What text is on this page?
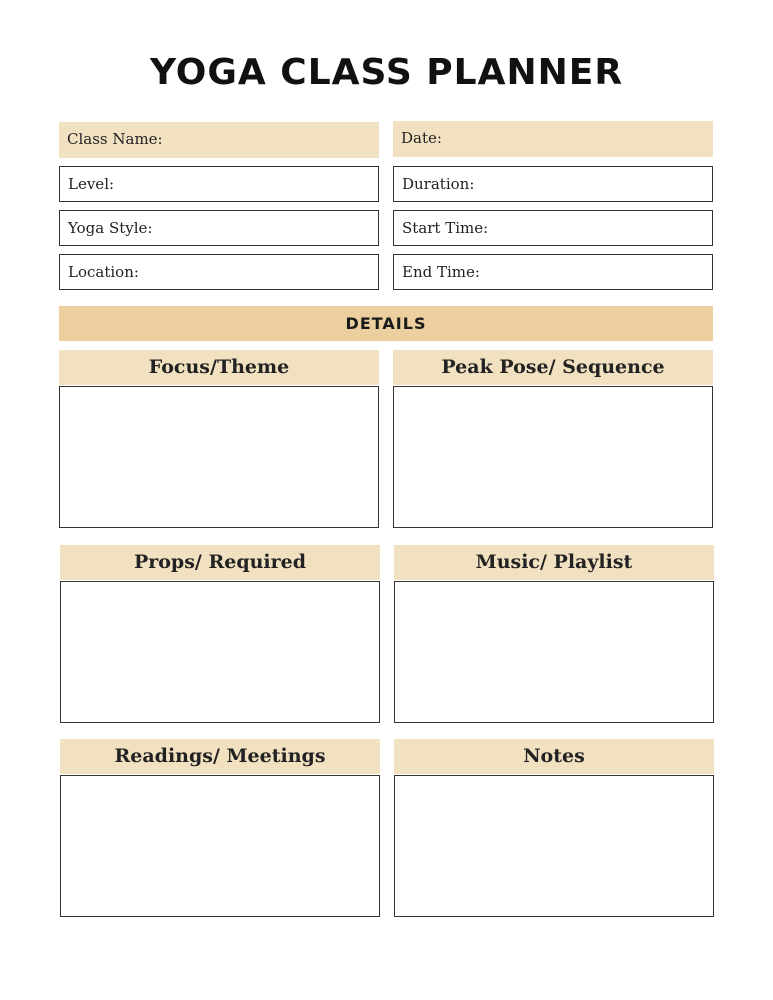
YOGA CLASS PLANNER
Class Name:	Date:
Level:	Duration:
Yoga Style:	Start Time:
Location:	End Time:
DETAILS
Focus/Theme	Peak Pose/ Sequence
Props/ Required	Music/ Playlist
Readings/ Meetings	Notes
